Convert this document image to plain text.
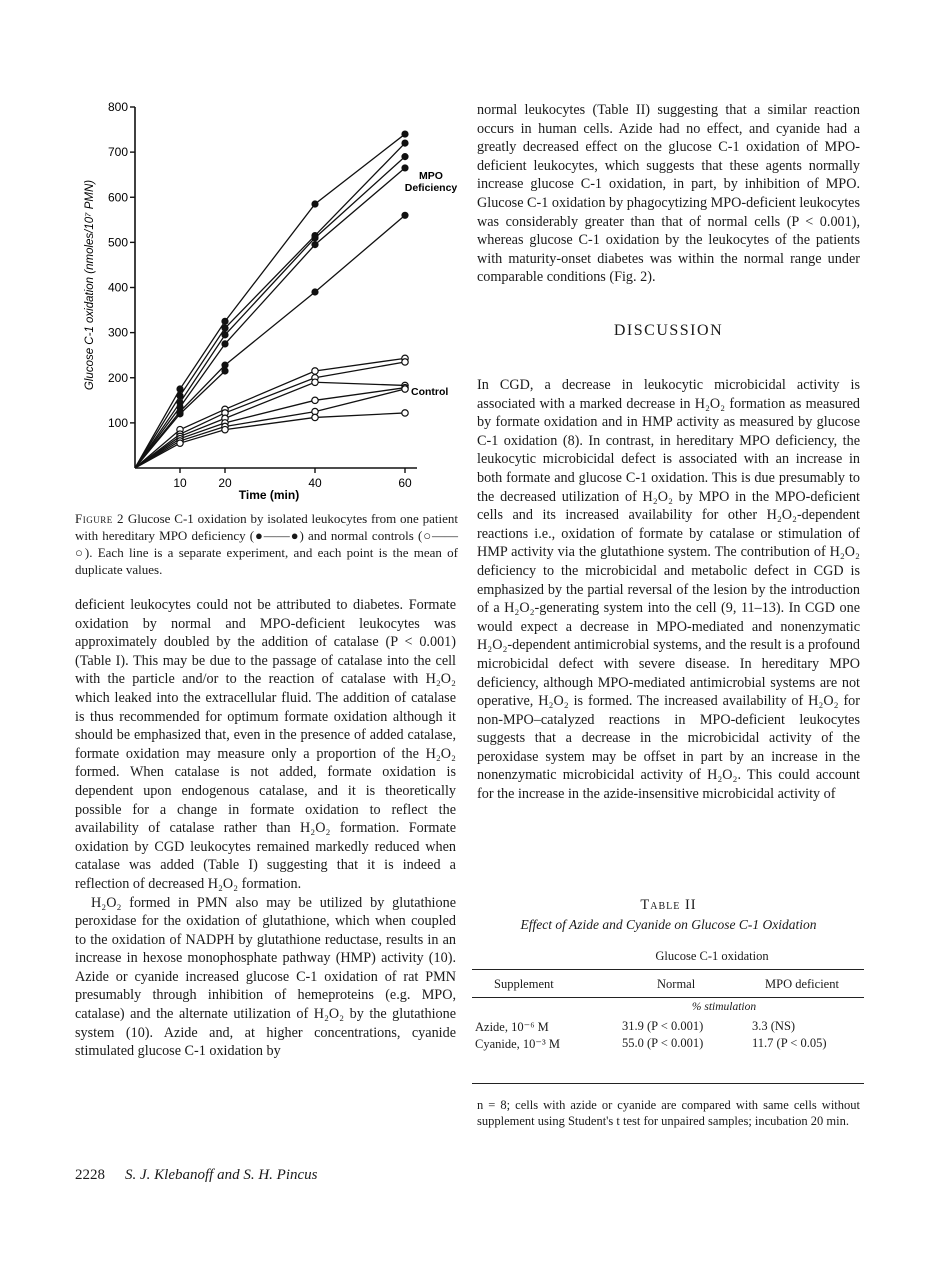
100
200
300
400
500
600
700
800
10	20	40	60
Glucose C-1 oxidation (nmoles/10⁷ PMN)
Time (min)
MPO
Deficiency
Control
Figure 2 Glucose C-1 oxidation by isolated leukocytes from one patient with hereditary MPO deficiency (●——●) and normal controls (○——○). Each line is a separate experiment, and each point is the mean of duplicate values.

deficient leukocytes could not be attributed to diabetes. Formate oxidation by normal and MPO-deficient leukocytes was approximately doubled by the addition of catalase (P < 0.001) (Table I). This may be due to the passage of catalase into the cell with the particle and/or to the reaction of catalase with H₂O₂ which leaked into the extracellular fluid. The addition of catalase is thus recommended for optimum formate oxidation although it should be emphasized that, even in the presence of added catalase, formate oxidation may measure only a proportion of the H₂O₂ formed. When catalase is not added, formate oxidation is dependent upon endogenous catalase, and it is theoretically possible for a change in formate oxidation to reflect the availability of catalase rather than H₂O₂ formation. Formate oxidation by CGD leukocytes remained markedly reduced when catalase was added (Table I) suggesting that it is indeed a reflection of decreased H₂O₂ formation.

H₂O₂ formed in PMN also may be utilized by glutathione peroxidase for the oxidation of glutathione, which when coupled to the oxidation of NADPH by glutathione reductase, results in an increase in hexose monophosphate pathway (HMP) activity (10). Azide or cyanide increased glucose C-1 oxidation of rat PMN presumably through inhibition of hemeproteins (e.g. MPO, catalase) and the alternate utilization of H₂O₂ by the glutathione system (10). Azide and, at higher concentrations, cyanide stimulated glucose C-1 oxidation by

normal leukocytes (Table II) suggesting that a similar reaction occurs in human cells. Azide had no effect, and cyanide had a greatly decreased effect on the glucose C-1 oxidation of MPO-deficient leukocytes, which suggests that these agents normally increase glucose C-1 oxidation, in part, by inhibition of MPO. Glucose C-1 oxidation by phagocytizing MPO-deficient leukocytes was considerably greater than that of normal cells (P < 0.001), whereas glucose C-1 oxidation by the leukocytes of the patients with maturity-onset diabetes was within the normal range under comparable conditions (Fig. 2).

DISCUSSION

In CGD, a decrease in leukocytic microbicidal activity is associated with a marked decrease in H₂O₂ formation as measured by formate oxidation and in HMP activity as measured by glucose C-1 oxidation (8). In contrast, in hereditary MPO deficiency, the leukocytic microbicidal defect is associated with an increase in both formate and glucose C-1 oxidation. This is due presumably to the decreased utilization of H₂O₂ by MPO in the MPO-deficient cells and its increased availability for other H₂O₂-dependent reactions i.e., oxidation of formate by catalase or stimulation of HMP activity via the glutathione system. The contribution of H₂O₂ deficiency to the microbicidal and metabolic defect in CGD is emphasized by the partial reversal of the lesion by the introduction of a H₂O₂-generating system into the cell (9, 11–13). In CGD one would expect a decrease in MPO-mediated and nonenzymatic H₂O₂-dependent antimicrobial systems, and the result is a profound microbicidal defect with severe disease. In hereditary MPO deficiency, although MPO-mediated antimicrobial systems are not operative, H₂O₂ is formed. The increased availability of H₂O₂ for non-MPO–catalyzed reactions in MPO-deficient leukocytes suggests that a decrease in the microbicidal activity of the peroxidase system may be offset in part by an increase in the nonenzymatic microbicidal activity of H₂O₂. This could account for the increase in the azide-insensitive microbicidal activity of

Table II
Effect of Azide and Cyanide on Glucose C-1 Oxidation
Glucose C-1 oxidation
Supplement	Normal	MPO deficient
% stimulation
Azide, 10⁻⁶ M	31.9 (P < 0.001)	3.3 (NS)
Cyanide, 10⁻³ M	55.0 (P < 0.001)	11.7 (P < 0.05)
n = 8; cells with azide or cyanide are compared with same cells without supplement using Student's t test for unpaired samples; incubation 20 min.
2228 S. J. Klebanoff and S. H. Pincus
